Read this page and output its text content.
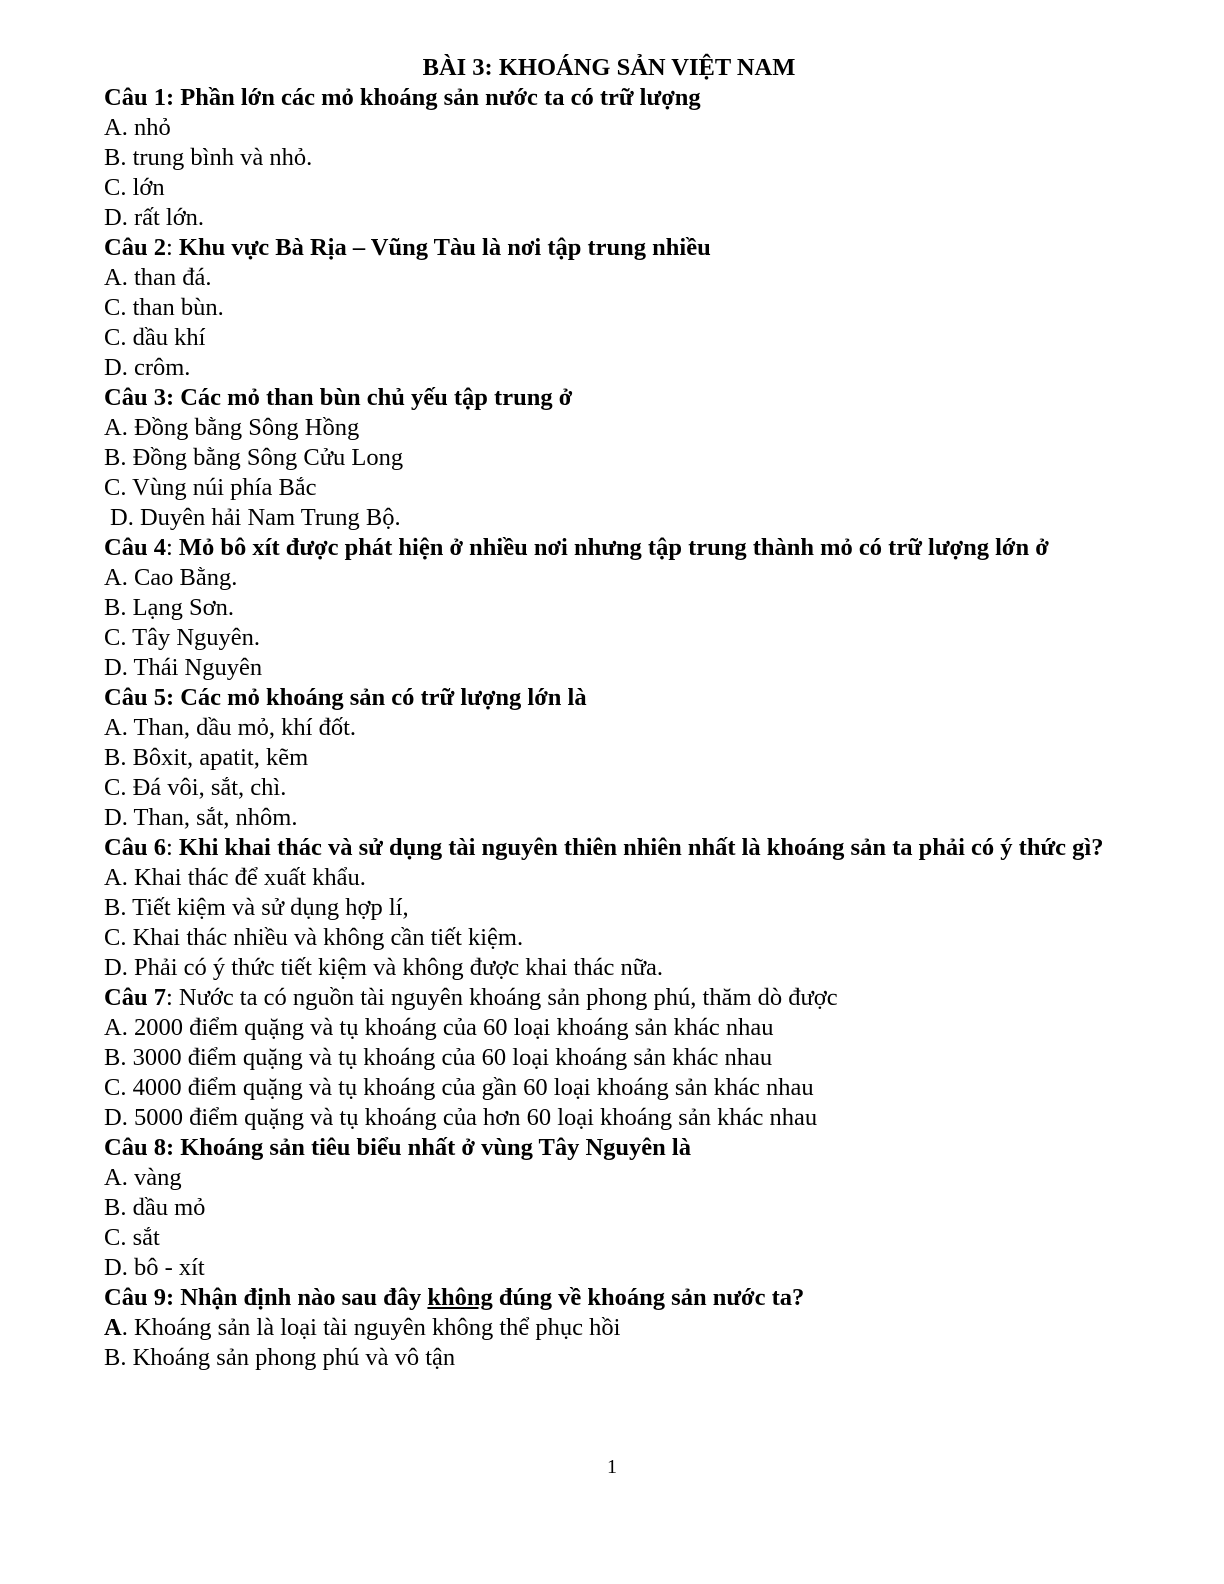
BÀI 3: KHOÁNG SẢN VIỆT NAM
Câu 1: Phần lớn các mỏ khoáng sản nước ta có trữ lượng
A. nhỏ
B. trung bình và nhỏ.
C. lớn
D. rất lớn.
Câu 2: Khu vực Bà Rịa – Vũng Tàu là nơi tập trung nhiều
A. than đá.
C. than bùn.
C. dầu khí
D. crôm.
Câu 3: Các mỏ than bùn chủ yếu tập trung ở
A. Đồng bằng Sông Hồng
B. Đồng bằng Sông Cửu Long
C. Vùng núi phía Bắc
D. Duyên hải Nam Trung Bộ.
Câu 4: Mỏ bô xít được phát hiện ở nhiều nơi nhưng tập trung thành mỏ có trữ lượng lớn ở
A. Cao Bằng.
B. Lạng Sơn.
C. Tây Nguyên.
D. Thái Nguyên
Câu 5: Các mỏ khoáng sản có trữ lượng lớn là
A. Than, dầu mỏ, khí đốt.
B. Bôxit, apatit, kẽm
C. Đá vôi, sắt, chì.
D. Than, sắt, nhôm.
Câu 6: Khi khai thác và sử dụng tài nguyên thiên nhiên nhất là khoáng sản ta phải có ý thức gì?
A. Khai thác để xuất khẩu.
B. Tiết kiệm và sử dụng hợp lí,
C. Khai thác nhiều và không cần tiết kiệm.
D. Phải có ý thức tiết kiệm và không được khai thác nữa.
Câu 7: Nước ta có nguồn tài nguyên khoáng sản phong phú, thăm dò được
A. 2000 điểm quặng và tụ khoáng của 60 loại khoáng sản khác nhau
B. 3000 điểm quặng và tụ khoáng của 60 loại khoáng sản khác nhau
C. 4000 điểm quặng và tụ khoáng của gần 60 loại khoáng sản khác nhau
D. 5000 điểm quặng và tụ khoáng của hơn 60 loại khoáng sản khác nhau
Câu 8: Khoáng sản tiêu biểu nhất ở vùng Tây Nguyên là
A. vàng
B. dầu mỏ
C. sắt
D. bô - xít
Câu 9: Nhận định nào sau đây không đúng về khoáng sản nước ta?
A. Khoáng sản là loại tài nguyên không thể phục hồi
B. Khoáng sản phong phú và vô tận
1
